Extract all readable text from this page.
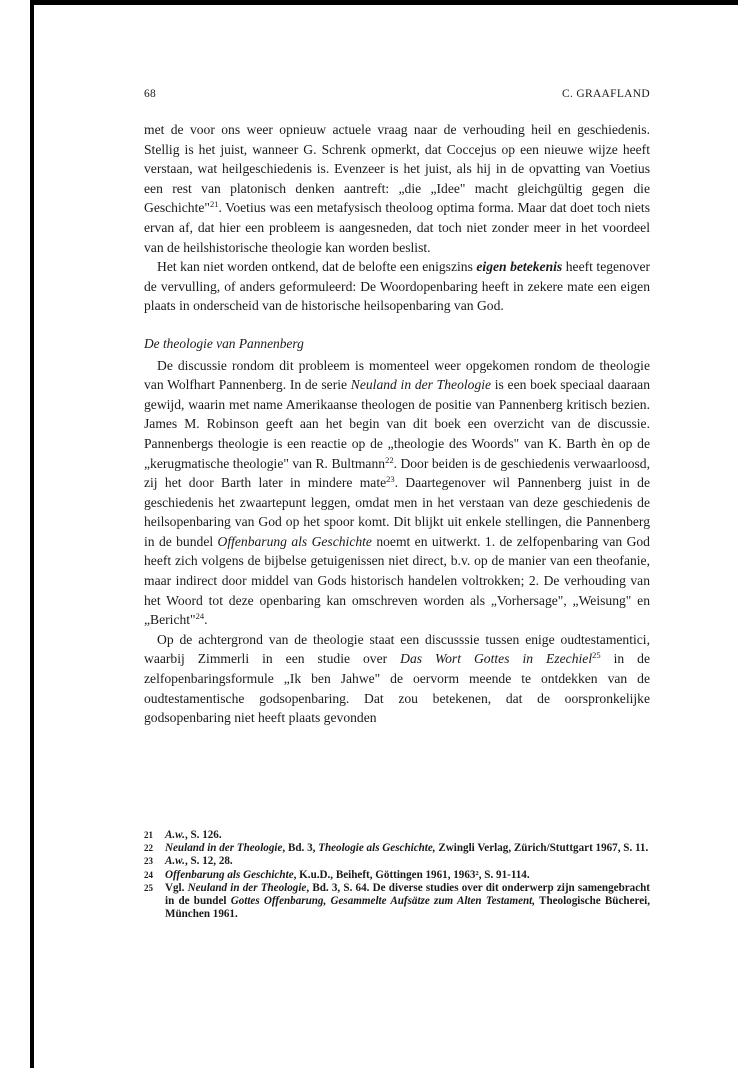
68	C. GRAAFLAND

met de voor ons weer opnieuw actuele vraag naar de verhouding heil en geschiedenis. Stellig is het juist, wanneer G. Schrenk opmerkt, dat Coccejus op een nieuwe wijze heeft verstaan, wat heilgeschiedenis is. Evenzeer is het juist, als hij in de opvatting van Voetius een rest van platonisch denken aantreft: „die „Idee" macht gleichgültig gegen die Geschichte"$^{21}$. Voetius was een metafysisch theoloog optima forma. Maar dat doet toch niets ervan af, dat hier een probleem is aangesneden, dat toch niet zonder meer in het voordeel van de heilshistorische theologie kan worden beslist.

Het kan niet worden ontkend, dat de belofte een enigszins eigen betekenis heeft tegenover de vervulling, of anders geformuleerd: De Woordopenbaring heeft in zekere mate een eigen plaats in onderscheid van de historische heilsopenbaring van God.

De theologie van Pannenberg

De discussie rondom dit probleem is momenteel weer opgekomen rondom de theologie van Wolfhart Pannenberg. In de serie Neuland in der Theologie is een boek speciaal daaraan gewijd, waarin met name Amerikaanse theologen de positie van Pannenberg kritisch bezien. James M. Robinson geeft aan het begin van dit boek een overzicht van de discussie. Pannenbergs theologie is een reactie op de „theologie des Woords" van K. Barth èn op de „kerugmatische theologie" van R. Bultmann$^{22}$. Door beiden is de geschiedenis verwaarloosd, zij het door Barth later in mindere mate$^{23}$. Daartegenover wil Pannenberg juist in de geschiedenis het zwaartepunt leggen, omdat men in het verstaan van deze geschiedenis de heilsopenbaring van God op het spoor komt. Dit blijkt uit enkele stellingen, die Pannenberg in de bundel Offenbarung als Geschichte noemt en uitwerkt. 1. de zelfopenbaring van God heeft zich volgens de bijbelse getuigenissen niet direct, b.v. op de manier van een theofanie, maar indirect door middel van Gods historisch handelen voltrokken; 2. De verhouding van het Woord tot deze openbaring kan omschreven worden als „Vorhersage", „Weisung" en „Bericht"$^{24}$.

Op de achtergrond van de theologie staat een discusssie tussen enige oudtestamentici, waarbij Zimmerli in een studie over Das Wort Gottes in Ezechiel$^{25}$ in de zelfopenbaringsformule „Ik ben Jahwe" de oervorm meende te ontdekken van de oudtestamentische godsopenbaring. Dat zou betekenen, dat de oorspronkelijke godsopenbaring niet heeft plaats gevonden

21 A.w., S. 126.
22 Neuland in der Theologie, Bd. 3, Theologie als Geschichte, Zwingli Verlag, Zürich/Stuttgart 1967, S. 11.
23 A.w., S. 12, 28.
24 Offenbarung als Geschichte, K.u.D., Beiheft, Göttingen 1961, 1963², S. 91-114.
25 Vgl. Neuland in der Theologie, Bd. 3, S. 64. De diverse studies over dit onderwerp zijn samengebracht in de bundel Gottes Offenbarung, Gesammelte Aufsätze zum Alten Testament, Theologische Bücherei, München 1961.
